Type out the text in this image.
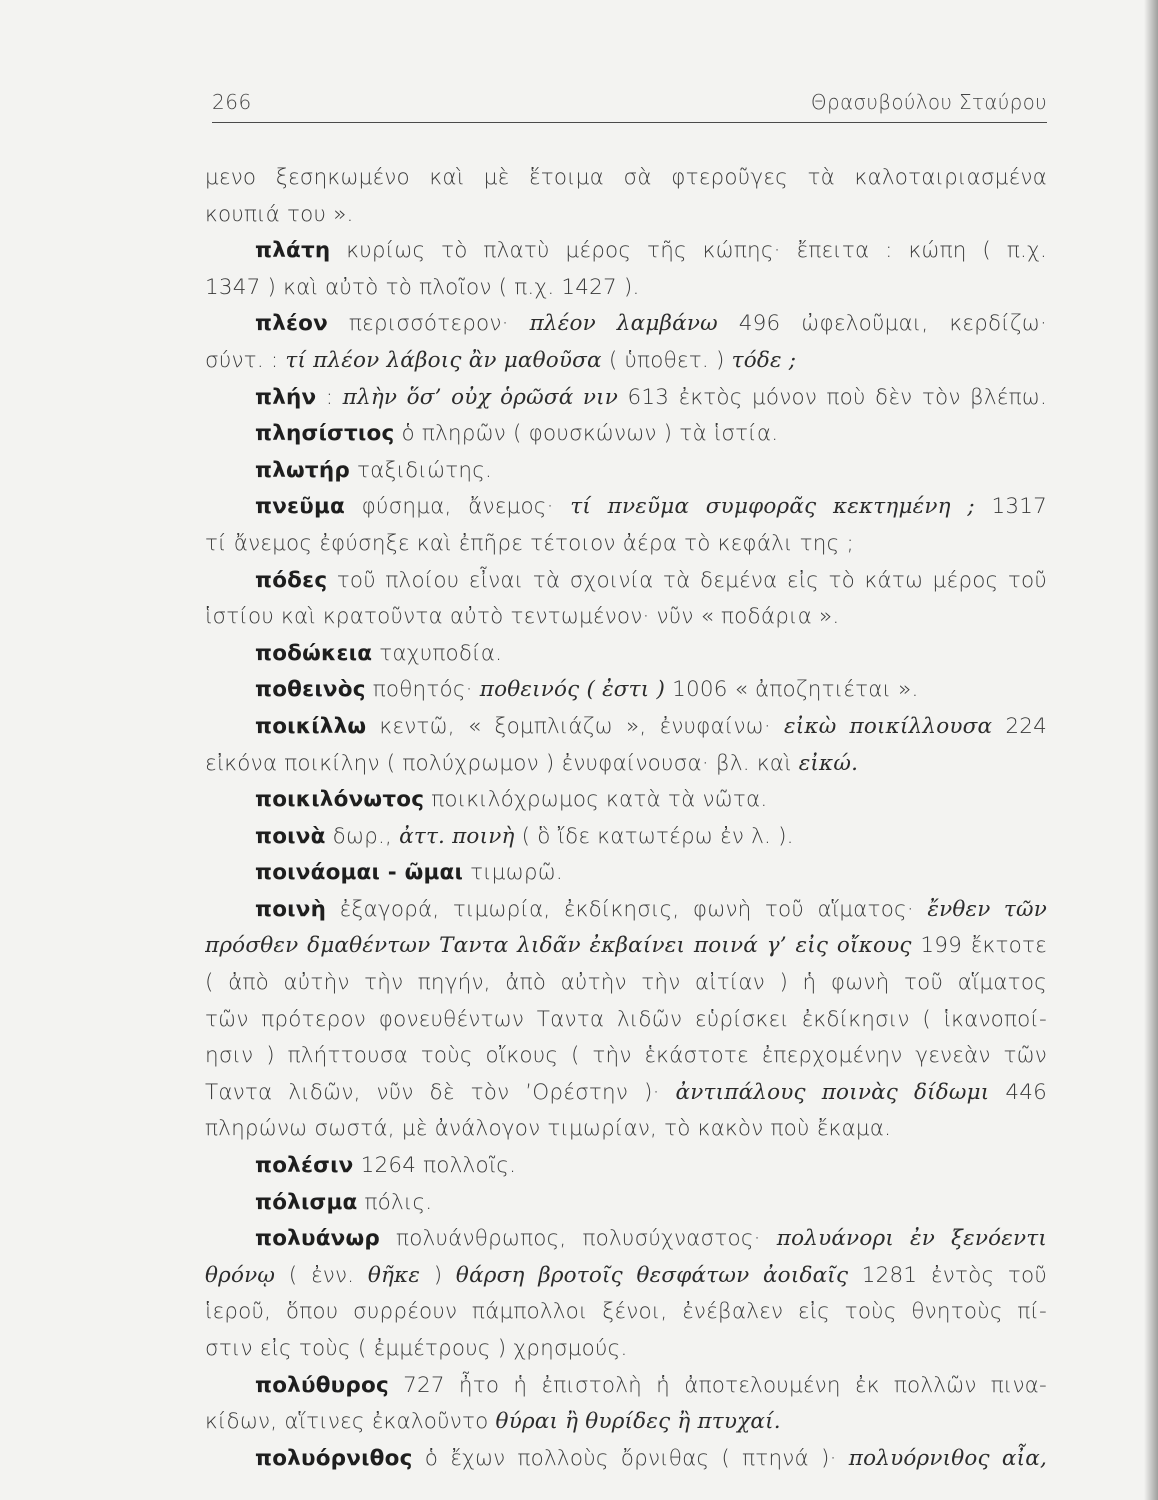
266	Θρασυβούλου Σταύρου
μενο ξεσηκωμένο καὶ μὲ ἕτοιμα σὰ φτεροῦγες τὰ καλοταιριασμένα
κουπιά του ».
πλάτη κυρίως τὸ πλατὺ μέρος τῆς κώπης· ἔπειτα : κώπη ( π.χ.
1347 ) καὶ αὐτὸ τὸ πλοῖον ( π.χ. 1427 ).
πλέον περισσότερον· πλέον λαμβάνω 496 ὠφελοῦμαι, κερδίζω·
σύντ. : τί πλέον λάβοις ἂν μαθοῦσα ( ὑποθετ. ) τόδε ;
πλήν : πλὴν ὅσ’ οὐχ ὁρῶσά νιν 613 ἐκτὸς μόνον ποὺ δὲν τὸν βλέπω.
πλησίστιος ὁ πληρῶν ( φουσκώνων ) τὰ ἱστία.
πλωτήρ ταξιδιώτης.
πνεῦμα φύσημα, ἄνεμος· τί πνεῦμα συμφορᾶς κεκτημένη ; 1317
τί ἄνεμος ἐφύσηξε καὶ ἐπῆρε τέτοιον ἀέρα τὸ κεφάλι της ;
πόδες τοῦ πλοίου εἶναι τὰ σχοινία τὰ δεμένα εἰς τὸ κάτω μέρος τοῦ
ἱστίου καὶ κρατοῦντα αὐτὸ τεντωμένον· νῦν « ποδάρια ».
ποδώκεια ταχυποδία.
ποθεινὸς ποθητός· ποθεινός ( ἐστι ) 1006 « ἀποζητιέται ».
ποικίλλω κεντῶ, « ξομπλιάζω », ἐνυφαίνω· εἰκὼ ποικίλλουσα 224
εἰκόνα ποικίλην ( πολύχρωμον ) ἐνυφαίνουσα· βλ. καὶ εἰκώ.
ποικιλόνωτος ποικιλόχρωμος κατὰ τὰ νῶτα.
ποινὰ δωρ., ἀττ. ποινὴ ( ὃ ἴδε κατωτέρω ἐν λ. ).
ποινάομαι - ῶμαι τιμωρῶ.
ποινὴ ἐξαγορά, τιμωρία, ἐκδίκησις, φωνὴ τοῦ αἵματος· ἔνθεν τῶν
πρόσθεν δμαθέντων Ταντα λιδᾶν ἐκβαίνει ποινά γ’ εἰς οἴκους 199 ἔκτοτε
( ἀπὸ αὐτὴν τὴν πηγήν, ἀπὸ αὐτὴν τὴν αἰτίαν ) ἡ φωνὴ τοῦ αἵματος
τῶν πρότερον φονευθέντων Ταντα λιδῶν εὑρίσκει ἐκδίκησιν ( ἱκανοποί-
ησιν ) πλήττουσα τοὺς οἴκους ( τὴν ἑκάστοτε ἐπερχομένην γενεὰν τῶν
Ταντα λιδῶν, νῦν δὲ τὸν ’Ορέστην )· ἀντιπάλους ποινὰς δίδωμι 446
πληρώνω σωστά, μὲ ἀνάλογον τιμωρίαν, τὸ κακὸν ποὺ ἔκαμα.
πολέσιν 1264 πολλοῖς.
πόλισμα πόλις.
πολυάνωρ πολυάνθρωπος, πολυσύχναστος· πολυάνορι ἐν ξενόεντι
θρόνῳ ( ἐνν. θῆκε ) θάρση βροτοῖς θεσφάτων ἀοιδαῖς 1281 ἐντὸς τοῦ
ἱεροῦ, ὅπου συρρέουν πάμπολλοι ξένοι, ἐνέβαλεν εἰς τοὺς θνητοὺς πί-
στιν εἰς τοὺς ( ἐμμέτρους ) χρησμούς.
πολύθυρος 727 ἦτο ἡ ἐπιστολὴ ἡ ἀποτελουμένη ἐκ πολλῶν πινα-
κίδων, αἵτινες ἐκαλοῦντο θύραι ἢ θυρίδες ἢ πτυχαί.
πολυόρνιθος ὁ ἔχων πολλοὺς ὄρνιθας ( πτηνά )· πολυόρνιθος αἶα,
